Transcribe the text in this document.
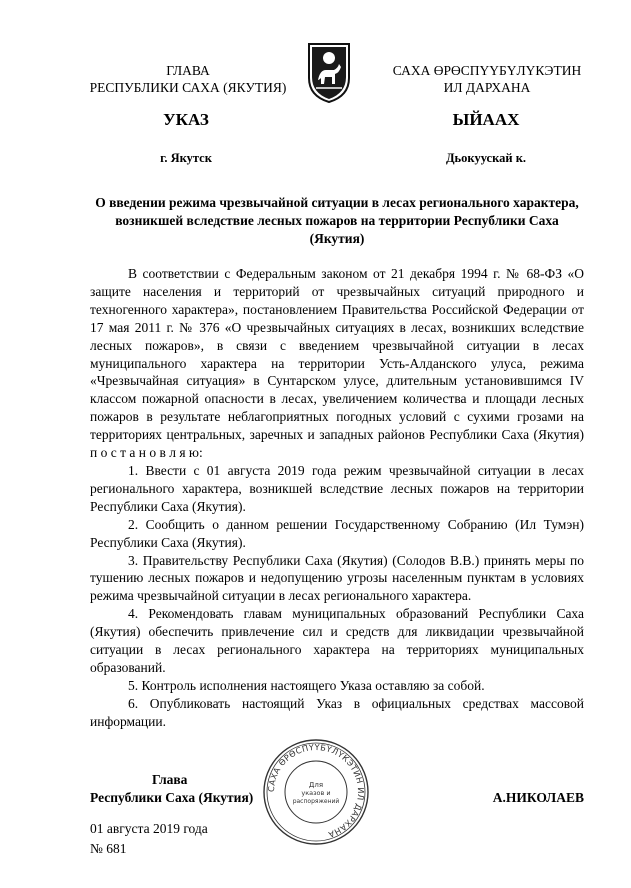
ГЛАВА
РЕСПУБЛИКИ САХА (ЯКУТИЯ)
САХА ӨРӨСПҮҮБҮЛҮКЭТИН
ИЛ ДАРХАНА
УКАЗ	ЫЙААХ
г. Якутск	Дьокуускай к.
О введении режима чрезвычайной ситуации в лесах регионального характера, возникшей вследствие лесных пожаров на территории Республики Саха (Якутия)

В соответствии с Федеральным законом от 21 декабря 1994 г. № 68-ФЗ «О защите населения и территорий от чрезвычайных ситуаций природного и техногенного характера», постановлением Правительства Российской Федерации от 17 мая 2011 г. № 376 «О чрезвычайных ситуациях в лесах, возникших вследствие лесных пожаров», в связи с введением чрезвычайной ситуации в лесах муниципального характера на территории Усть-Алданского улуса, режима «Чрезвычайная ситуация» в Сунтарском улусе, длительным установившимся IV классом пожарной опасности в лесах, увеличением количества и площади лесных пожаров в результате неблагоприятных погодных условий с сухими грозами на территориях центральных, заречных и западных районов Республики Саха (Якутия) п о с т а н о в л я ю:

1. Ввести с 01 августа 2019 года режим чрезвычайной ситуации в лесах регионального характера, возникшей вследствие лесных пожаров на территории Республики Саха (Якутия).

2. Сообщить о данном решении Государственному Собранию (Ил Тумэн) Республики Саха (Якутия).

3. Правительству Республики Саха (Якутия) (Солодов В.В.) принять меры по тушению лесных пожаров и недопущению угрозы населенным пунктам в условиях режима чрезвычайной ситуации в лесах регионального характера.

4. Рекомендовать главам муниципальных образований Республики Саха (Якутия) обеспечить привлечение сил и средств для ликвидации чрезвычайной ситуации в лесах регионального характера на территориях муниципальных образований.

5. Контроль исполнения настоящего Указа оставляю за собой.

6. Опубликовать настоящий Указ в официальных средствах массовой информации.

Глава
Республики Саха (Якутия)
САХА ӨРӨСПҮҮБҮЛҮКЭТИН ИЛ ДАРХАНА
Для
указов и
распоряжений	А.НИКОЛАЕВ
01 августа 2019 года
№ 681
